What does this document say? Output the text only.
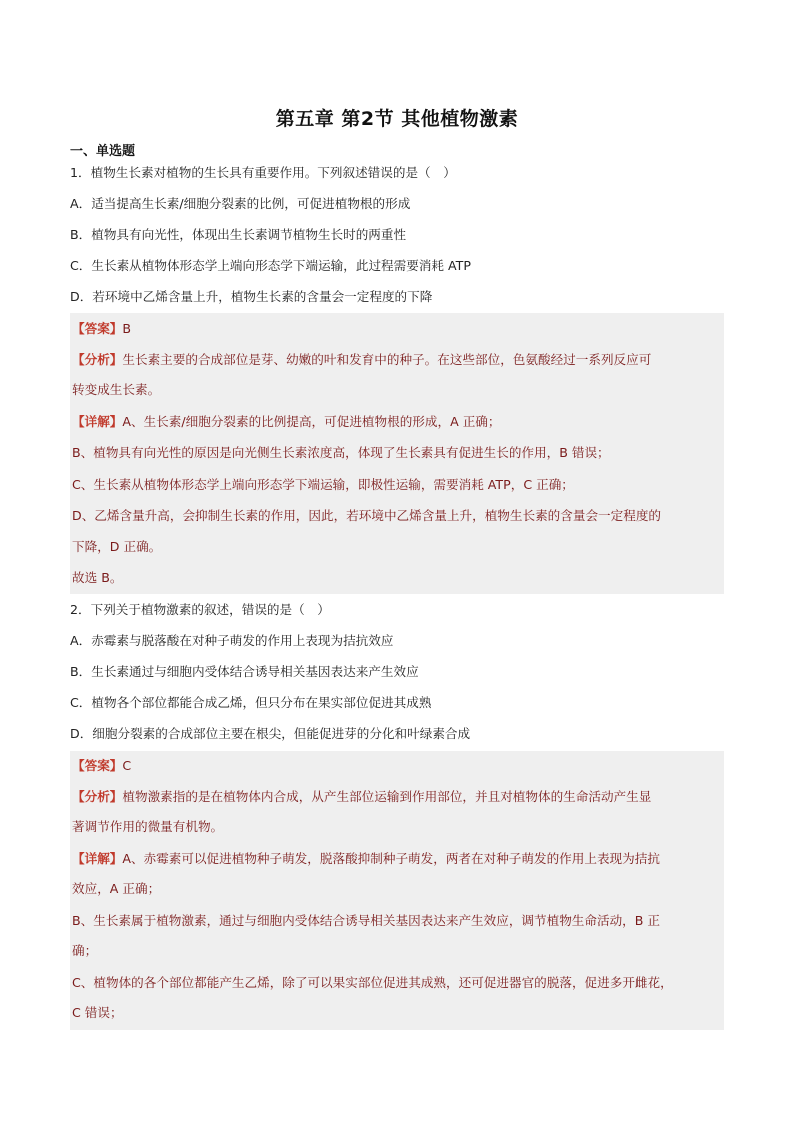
第五章 第2节 其他植物激素
一、单选题
1．植物生长素对植物的生长具有重要作用。下列叙述错误的是（　）
A．适当提高生长素/细胞分裂素的比例，可促进植物根的形成
B．植物具有向光性，体现出生长素调节植物生长时的两重性
C．生长素从植物体形态学上端向形态学下端运输，此过程需要消耗 ATP
D．若环境中乙烯含量上升，植物生长素的含量会一定程度的下降
【答案】B
【分析】生长素主要的合成部位是芽、幼嫩的叶和发育中的种子。在这些部位，色氨酸经过一系列反应可
转变成生长素。
【详解】A、生长素/细胞分裂素的比例提高，可促进植物根的形成，A 正确；
B、植物具有向光性的原因是向光侧生长素浓度高，体现了生长素具有促进生长的作用，B 错误；
C、生长素从植物体形态学上端向形态学下端运输，即极性运输，需要消耗 ATP，C 正确；
D、乙烯含量升高，会抑制生长素的作用，因此，若环境中乙烯含量上升，植物生长素的含量会一定程度的
下降，D 正确。
故选 B。
2．下列关于植物激素的叙述，错误的是（　）
A．赤霉素与脱落酸在对种子萌发的作用上表现为拮抗效应
B．生长素通过与细胞内受体结合诱导相关基因表达来产生效应
C．植物各个部位都能合成乙烯，但只分布在果实部位促进其成熟
D．细胞分裂素的合成部位主要在根尖，但能促进芽的分化和叶绿素合成
【答案】C
【分析】植物激素指的是在植物体内合成，从产生部位运输到作用部位，并且对植物体的生命活动产生显
著调节作用的微量有机物。
【详解】A、赤霉素可以促进植物种子萌发，脱落酸抑制种子萌发，两者在对种子萌发的作用上表现为拮抗
效应，A 正确；
B、生长素属于植物激素，通过与细胞内受体结合诱导相关基因表达来产生效应，调节植物生命活动，B 正
确；
C、植物体的各个部位都能产生乙烯，除了可以果实部位促进其成熟，还可促进器官的脱落，促进多开雌花，
C 错误；
